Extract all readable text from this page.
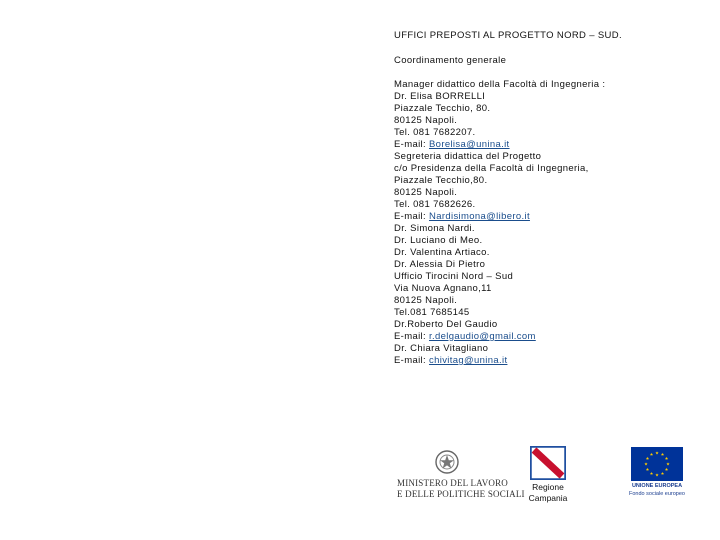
UFFICI PREPOSTI AL PROGETTO NORD – SUD.
Coordinamento generale
Manager didattico della Facoltà di Ingegneria :
Dr. Elisa BORRELLI
Piazzale Tecchio, 80.
80125 Napoli.
Tel. 081 7682207.
E-mail: Borelisa@unina.it
Segreteria didattica del Progetto
c/o Presidenza della Facoltà di Ingegneria,
Piazzale Tecchio,80.
80125 Napoli.
Tel. 081 7682626.
E-mail: Nardisimona@libero.it
Dr. Simona Nardi.
Dr. Luciano di Meo.
Dr. Valentina Artiaco.
Dr. Alessia Di Pietro
Ufficio Tirocini Nord – Sud
Via Nuova Agnano,11
80125 Napoli.
Tel.081 7685145
Dr.Roberto Del Gaudio
E-mail: r.delgaudio@gmail.com
Dr. Chiara Vitagliano
E-mail: chivitag@unina.it
MINISTERO DEL LAVORO
E DELLE POLITICHE SOCIALI
Regione
Campania
UNIONE EUROPEA
Fondo sociale europeo
